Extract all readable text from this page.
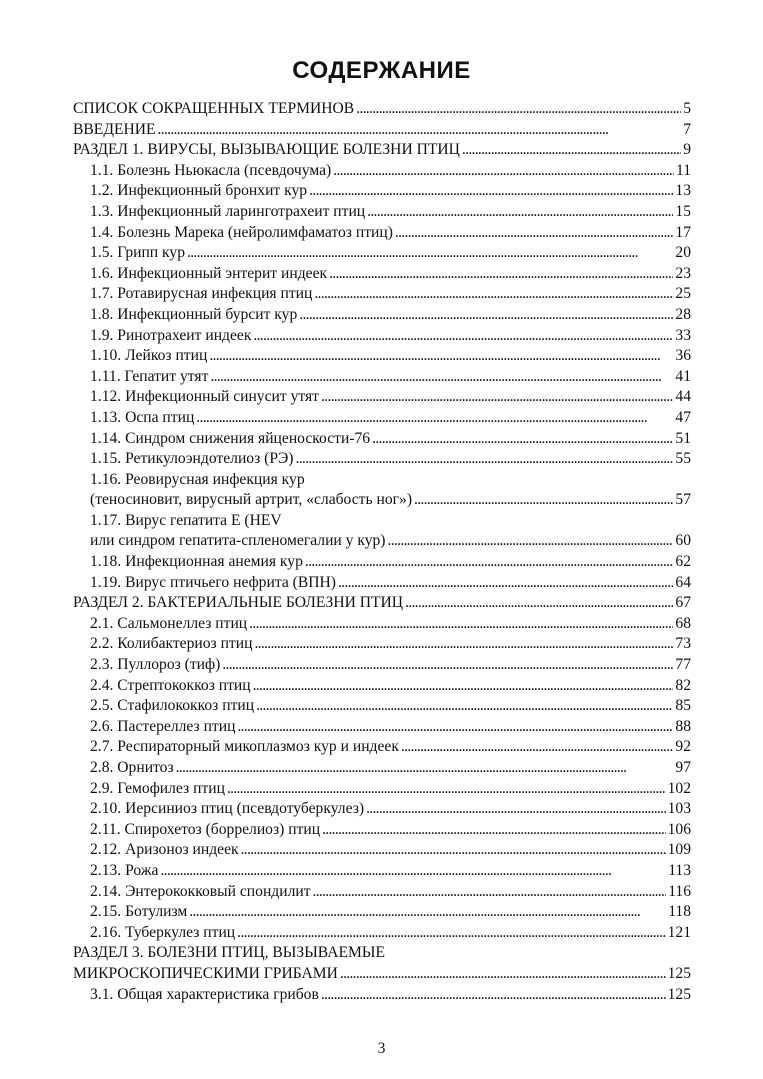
СОДЕРЖАНИЕ
СПИСОК СОКРАЩЕННЫХ ТЕРМИНОВ . . .	5
ВВЕДЕНИЕ . . .	7
РАЗДЕЛ 1. ВИРУСЫ, ВЫЗЫВАЮЩИЕ БОЛЕЗНИ ПТИЦ . . .	9
1.1. Болезнь Ньюкасла (псевдочума) . . .	11
1.2. Инфекционный бронхит кур . . .	13
1.3. Инфекционный ларинготрахеит птиц . . .	15
1.4. Болезнь Марека (нейролимфаматоз птиц) . . .	17
1.5. Грипп кур . . .	20
1.6. Инфекционный энтерит индеек . . .	23
1.7. Ротавирусная инфекция птиц . . .	25
1.8. Инфекционный бурсит кур . . .	28
1.9. Ринотрахеит индеек . . .	33
1.10. Лейкоз птиц . . .	36
1.11. Гепатит утят . . .	41
1.12. Инфекционный синусит утят . . .	44
1.13. Оспа птиц . . .	47
1.14. Синдром снижения яйценоскости-76 . . .	51
1.15. Ретикулоэндотелиоз (РЭ) . . .	55
1.16. Реовирусная инфекция кур
(теносиновит, вирусный артрит, «слабость ног») . . .	57
1.17. Вирус гепатита Е (HEV
или синдром гепатита-спленомегалии у кур) . . .	60
1.18. Инфекционная анемия кур . . .	62
1.19. Вирус птичьего нефрита (ВПН) . . .	64
РАЗДЕЛ 2. БАКТЕРИАЛЬНЫЕ БОЛЕЗНИ ПТИЦ . . .	67
2.1. Сальмонеллез птиц . . .	68
2.2. Колибактериоз птиц . . .	73
2.3. Пуллороз (тиф) . . .	77
2.4. Стрептококкоз птиц . . .	82
2.5. Стафилококкоз птиц . . .	85
2.6. Пастереллез птиц . . .	88
2.7. Респираторный микоплазмоз кур и индеек . . .	92
2.8. Орнитоз . . .	97
2.9. Гемофилез птиц . . .	102
2.10. Иерсиниоз птиц (псевдотуберкулез) . . .	103
2.11. Спирохетоз (боррелиоз) птиц . . .	106
2.12. Аризоноз индеек . . .	109
2.13. Рожа . . .	113
2.14. Энтерококковый спондилит . . .	116
2.15. Ботулизм . . .	118
2.16. Туберкулез птиц . . .	121
РАЗДЕЛ 3. БОЛЕЗНИ ПТИЦ, ВЫЗЫВАЕМЫЕ
МИКРОСКОПИЧЕСКИМИ ГРИБАМИ . . .	125
3.1. Общая характеристика грибов . . .	125
3
